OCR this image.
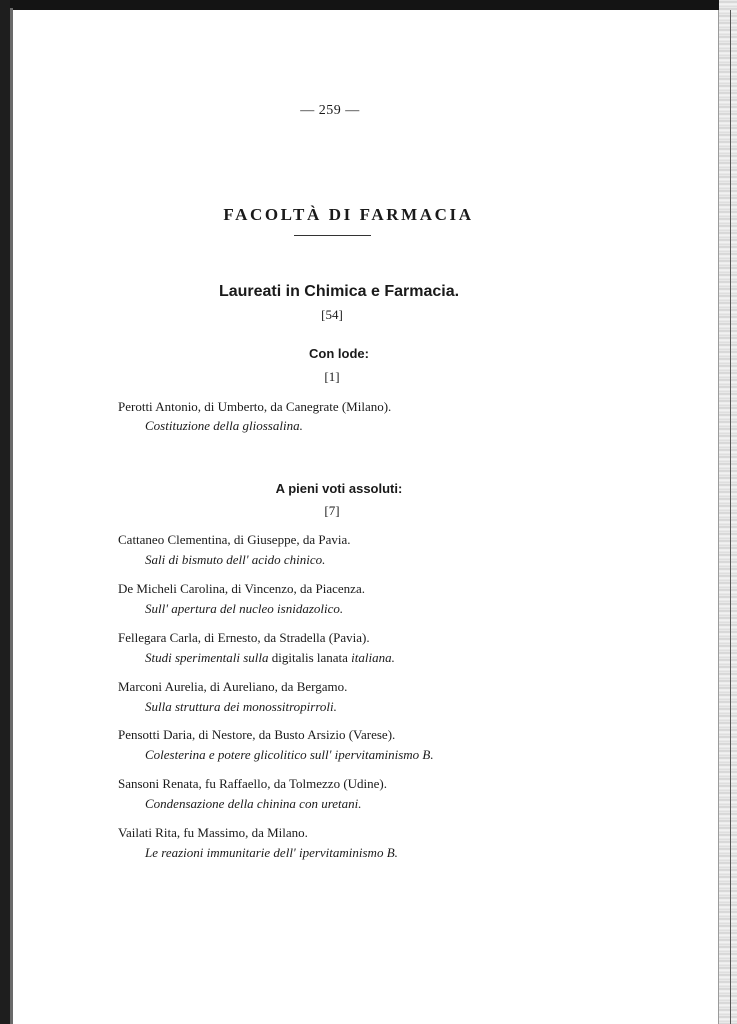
— 259 —
FACOLTÀ DI FARMACIA
Laureati in Chimica e Farmacia.
[54]
Con lode:
[1]
Perotti Antonio, di Umberto, da Canegrate (Milano).
Costituzione della gliossalina.
A pieni voti assoluti:
[7]
Cattaneo Clementina, di Giuseppe, da Pavia.
Sali di bismuto dell' acido chinico.
De Micheli Carolina, di Vincenzo, da Piacenza.
Sull' apertura del nucleo isnidazolico.
Fellegara Carla, di Ernesto, da Stradella (Pavia).
Studi sperimentali sulla digitalis lanata italiana.
Marconi Aurelia, di Aureliano, da Bergamo.
Sulla struttura dei monossitropirroli.
Pensotti Daria, di Nestore, da Busto Arsizio (Varese).
Colesterina e potere glicolitico sull' ipervitaminismo B.
Sansoni Renata, fu Raffaello, da Tolmezzo (Udine).
Condensazione della chinina con uretani.
Vailati Rita, fu Massimo, da Milano.
Le reazioni immunitarie dell' ipervitaminismo B.
